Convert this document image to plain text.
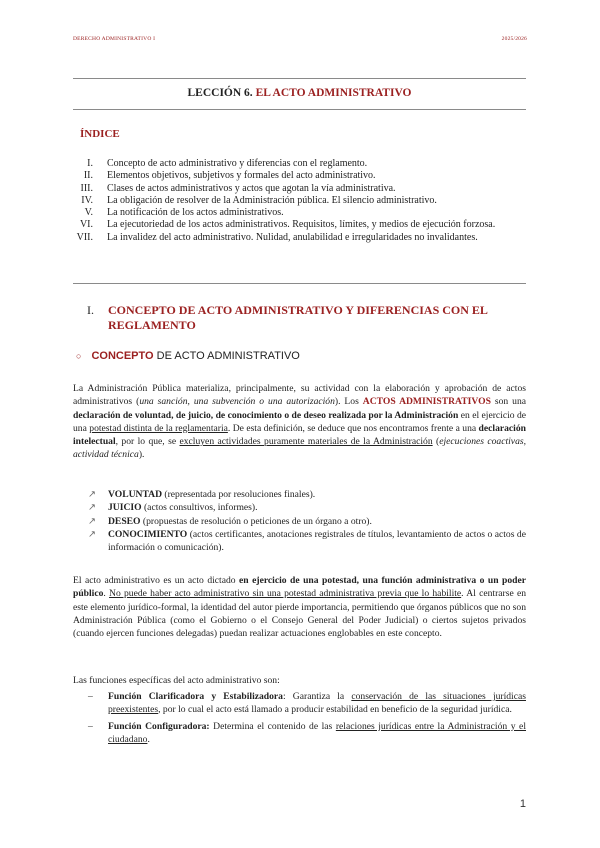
DERECHO ADMINISTRATIVO I	2025/2026
LECCIÓN 6. EL ACTO ADMINISTRATIVO
ÍNDICE
I.	Concepto de acto administrativo y diferencias con el reglamento.
II.	Elementos objetivos, subjetivos y formales del acto administrativo.
III.	Clases de actos administrativos y actos que agotan la vía administrativa.
IV.	La obligación de resolver de la Administración pública. El silencio administrativo.
V.	La notificación de los actos administrativos.
VI.	La ejecutoriedad de los actos administrativos. Requisitos, límites, y medios de ejecución forzosa.
VII.	La invalidez del acto administrativo. Nulidad, anulabilidad e irregularidades no invalidantes.
I.	CONCEPTO DE ACTO ADMINISTRATIVO Y DIFERENCIAS CON EL REGLAMENTO
○ CONCEPTO DE ACTO ADMINISTRATIVO
La Administración Pública materializa, principalmente, su actividad con la elaboración y aprobación de actos administrativos (una sanción, una subvención o una autorización). Los ACTOS ADMINISTRATIVOS son una declaración de voluntad, de juicio, de conocimiento o de deseo realizada por la Administración en el ejercicio de una potestad distinta de la reglamentaria. De esta definición, se deduce que nos encontramos frente a una declaración intelectual, por lo que, se excluyen actividades puramente materiales de la Administración (ejecuciones coactivas, actividad técnica).
↗	VOLUNTAD (representada por resoluciones finales).
↗	JUICIO (actos consultivos, informes).
↗	DESEO (propuestas de resolución o peticiones de un órgano a otro).
↗	CONOCIMIENTO (actos certificantes, anotaciones registrales de títulos, levantamiento de actos o actos de información o comunicación).
El acto administrativo es un acto dictado en ejercicio de una potestad, una función administrativa o un poder público. No puede haber acto administrativo sin una potestad administrativa previa que lo habilite. Al centrarse en este elemento jurídico-formal, la identidad del autor pierde importancia, permitiendo que órganos públicos que no son Administración Pública (como el Gobierno o el Consejo General del Poder Judicial) o ciertos sujetos privados (cuando ejercen funciones delegadas) puedan realizar actuaciones englobables en este concepto.
Las funciones específicas del acto administrativo son:
–	Función Clarificadora y Estabilizadora: Garantiza la conservación de las situaciones jurídicas preexistentes, por lo cual el acto está llamado a producir estabilidad en beneficio de la seguridad jurídica.
–	Función Configuradora: Determina el contenido de las relaciones jurídicas entre la Administración y el ciudadano.
1
